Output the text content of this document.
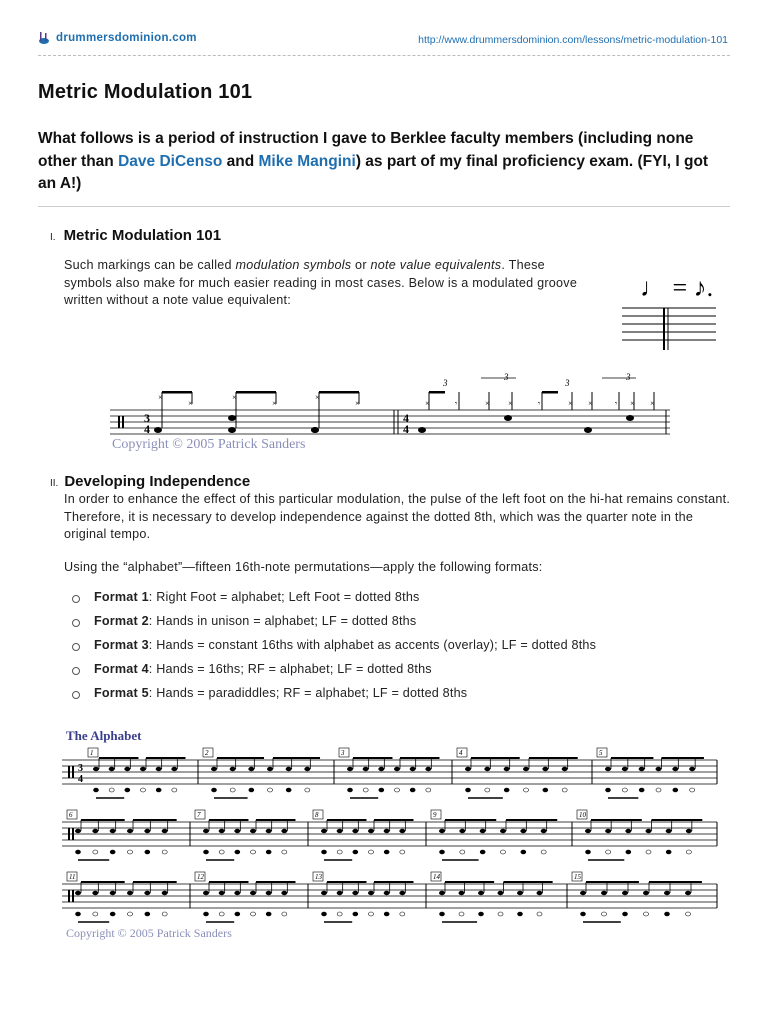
drummersdominion.com	http://www.drummersdominion.com/lessons/metric-modulation-101
Metric Modulation 101
What follows is a period of instruction I gave to Berklee faculty members (including none other than Dave DiCenso and Mike Mangini) as part of my final proficiency exam. (FYI, I got an A!)
I. Metric Modulation 101
Such markings can be called modulation symbols or note value equivalents. These symbols also make for much easier reading in most cases. Below is a modulated groove written without a note value equivalent:	♩ = ♪.
3
4
4
4
×
×
×
×
×
×	×	𝄾	× ×	𝄾	× ×	𝄾 × ×
3
3
3
3
Copyright © 2005 Patrick Sanders
II. Developing Independence
In order to enhance the effect of this particular modulation, the pulse of the left foot on the hi-hat remains constant. Therefore, it is necessary to develop independence against the dotted 8th, which was the quarter note in the original tempo.
Using the “alphabet”—fifteen 16th-note permutations—apply the following formats:
Format 1: Right Foot = alphabet; Left Foot = dotted 8ths
Format 2: Hands in unison = alphabet; LF = dotted 8ths
Format 3: Hands = constant 16ths with alphabet as accents (overlay); LF = dotted 8ths
Format 4: Hands = 16ths; RF = alphabet; LF = dotted 8ths
Format 5: Hands = paradiddles; RF = alphabet; LF = dotted 8ths
The Alphabet
3
4
1	2	3	4	5
6	7	8	9	10
11	12	13	14	15
Copyright © 2005 Patrick Sanders
